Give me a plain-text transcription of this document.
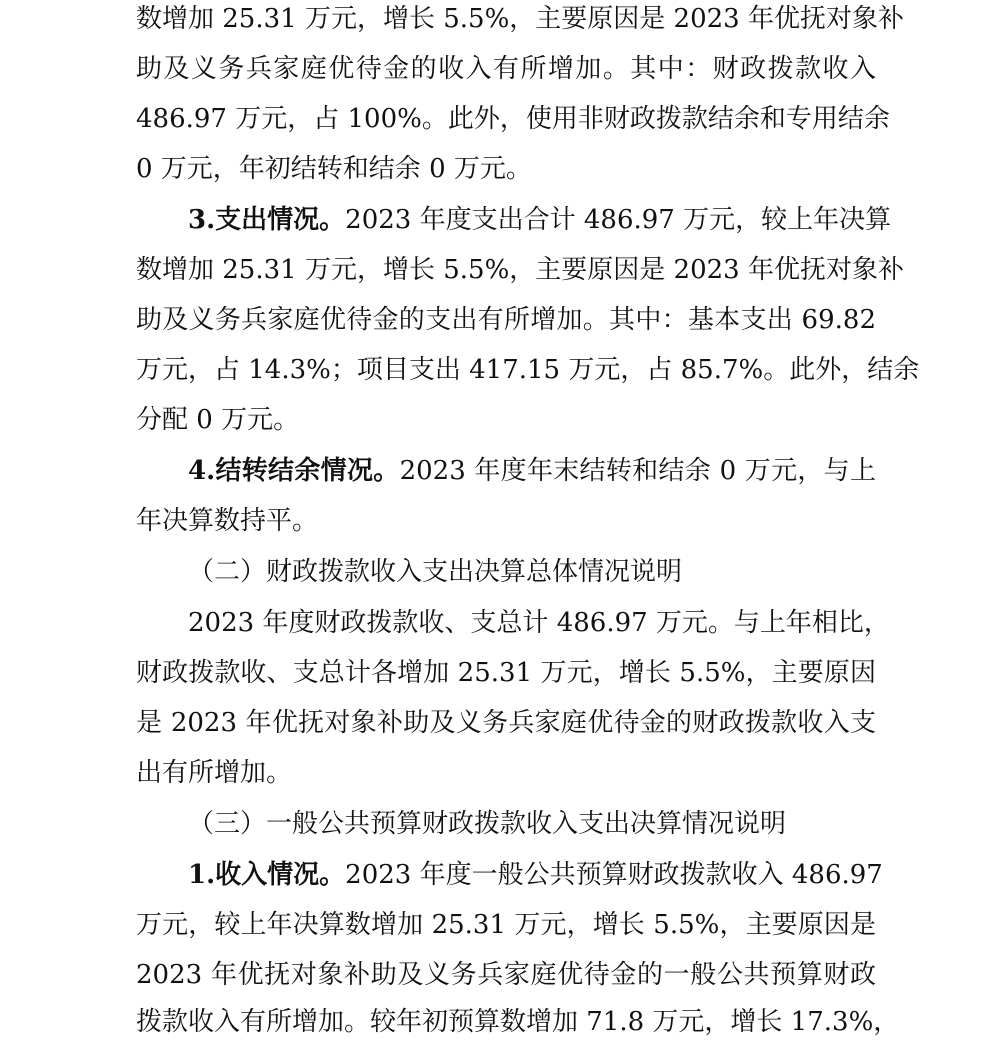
数增加 25.31 万元，增长 5.5%，主要原因是 2023 年优抚对象补
助及义务兵家庭优待金的收入有所增加。其中：财政拨款收入
486.97 万元，占 100%。此外，使用非财政拨款结余和专用结余
0 万元，年初结转和结余 0 万元。
3.支出情况。2023 年度支出合计 486.97 万元，较上年决算
数增加 25.31 万元，增长 5.5%，主要原因是 2023 年优抚对象补
助及义务兵家庭优待金的支出有所增加。其中：基本支出 69.82
万元，占 14.3%；项目支出 417.15 万元，占 85.7%。此外，结余
分配 0 万元。
4.结转结余情况。2023 年度年末结转和结余 0 万元，与上
年决算数持平。
（二）财政拨款收入支出决算总体情况说明
2023 年度财政拨款收、支总计 486.97 万元。与上年相比，
财政拨款收、支总计各增加 25.31 万元，增长 5.5%，主要原因
是 2023 年优抚对象补助及义务兵家庭优待金的财政拨款收入支
出有所增加。
（三）一般公共预算财政拨款收入支出决算情况说明
1.收入情况。2023 年度一般公共预算财政拨款收入 486.97
万元，较上年决算数增加 25.31 万元，增长 5.5%，主要原因是
2023 年优抚对象补助及义务兵家庭优待金的一般公共预算财政
拨款收入有所增加。较年初预算数增加 71.8 万元，增长 17.3%，
